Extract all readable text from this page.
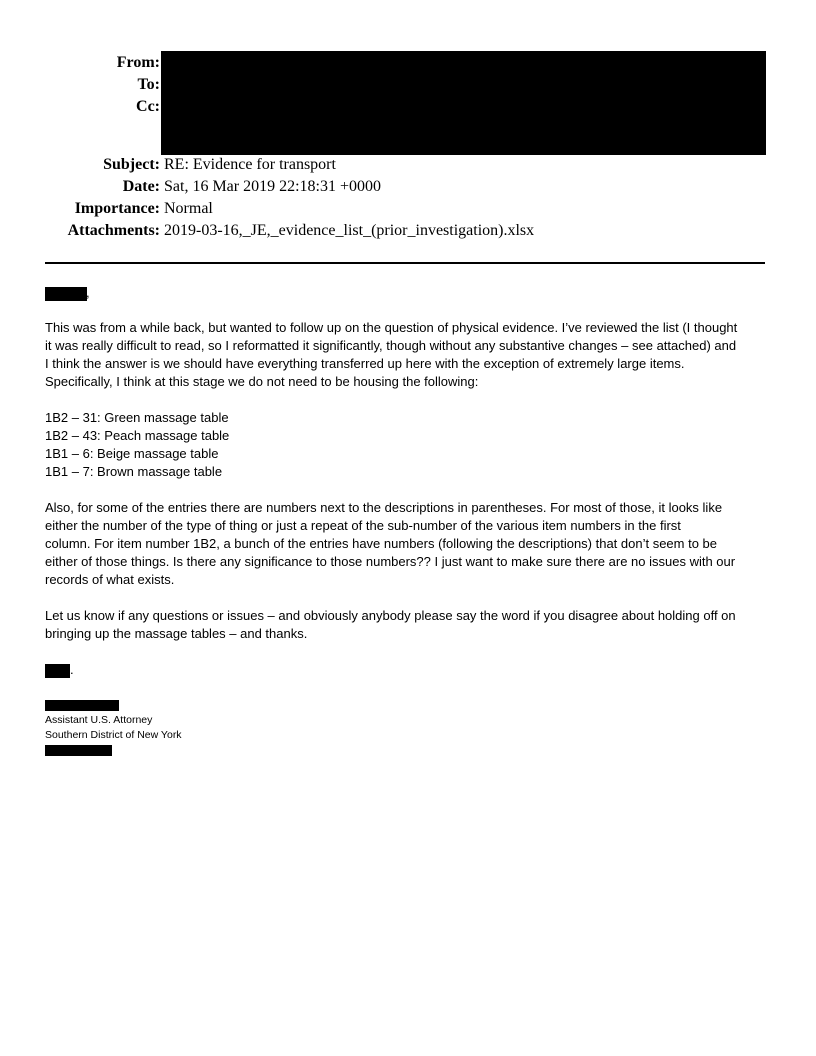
From:
To:
Cc:
Subject: RE: Evidence for transport
Date: Sat, 16 Mar 2019 22:18:31 +0000
Importance: Normal
Attachments: 2019-03-16,_JE,_evidence_list_(prior_investigation).xlsx
,
This was from a while back, but wanted to follow up on the question of physical evidence. I’ve reviewed the list (I thought
it was really difficult to read, so I reformatted it significantly, though without any substantive changes – see attached) and
I think the answer is we should have everything transferred up here with the exception of extremely large items.
Specifically, I think at this stage we do not need to be housing the following:
1B2 – 31: Green massage table
1B2 – 43: Peach massage table
1B1 – 6: Beige massage table
1B1 – 7: Brown massage table
Also, for some of the entries there are numbers next to the descriptions in parentheses. For most of those, it looks like
either the number of the type of thing or just a repeat of the sub-number of the various item numbers in the first
column. For item number 1B2, a bunch of the entries have numbers (following the descriptions) that don’t seem to be
either of those things. Is there any significance to those numbers?? I just want to make sure there are no issues with our
records of what exists.
Let us know if any questions or issues – and obviously anybody please say the word if you disagree about holding off on
bringing up the massage tables – and thanks.
.
Assistant U.S. Attorney
Southern District of New York
